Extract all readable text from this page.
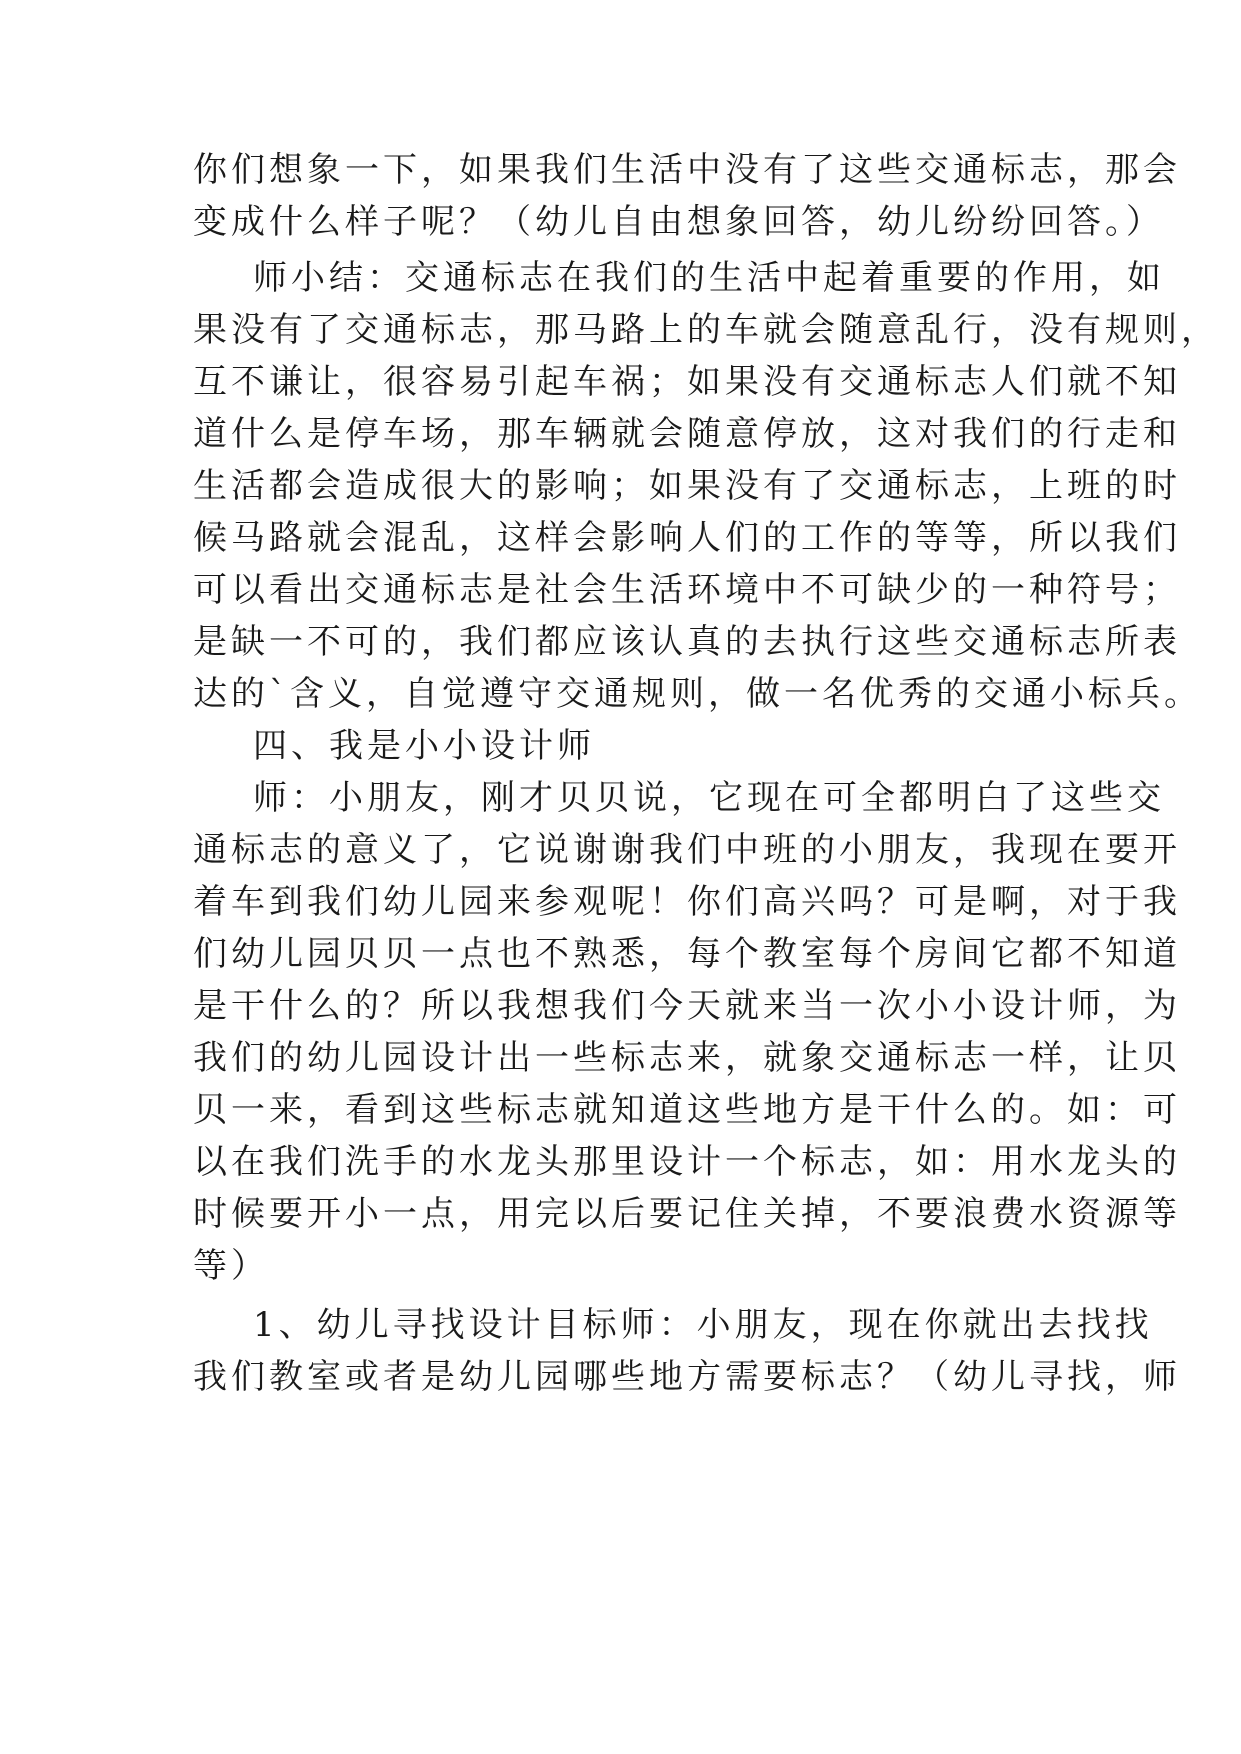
你们想象一下，如果我们生活中没有了这些交通标志，那会

变成什么样子呢？（幼儿自由想象回答，幼儿纷纷回答。）

师小结：交通标志在我们的生活中起着重要的作用，如

果没有了交通标志，那马路上的车就会随意乱行，没有规则，

互不谦让，很容易引起车祸；如果没有交通标志人们就不知

道什么是停车场，那车辆就会随意停放，这对我们的行走和

生活都会造成很大的影响；如果没有了交通标志，上班的时

候马路就会混乱，这样会影响人们的工作的等等，所以我们

可以看出交通标志是社会生活环境中不可缺少的一种符号；

是缺一不可的，我们都应该认真的去执行这些交通标志所表

达的`含义，自觉遵守交通规则，做一名优秀的交通小标兵。

四、我是小小设计师

师：小朋友，刚才贝贝说，它现在可全都明白了这些交

通标志的意义了，它说谢谢我们中班的小朋友，我现在要开

着车到我们幼儿园来参观呢！你们高兴吗？可是啊，对于我

们幼儿园贝贝一点也不熟悉，每个教室每个房间它都不知道

是干什么的？所以我想我们今天就来当一次小小设计师，为

我们的幼儿园设计出一些标志来，就象交通标志一样，让贝

贝一来，看到这些标志就知道这些地方是干什么的。如：可

以在我们洗手的水龙头那里设计一个标志，如：用水龙头的

时候要开小一点，用完以后要记住关掉，不要浪费水资源等

等）

1、幼儿寻找设计目标师：小朋友，现在你就出去找找

我们教室或者是幼儿园哪些地方需要标志？（幼儿寻找，师
